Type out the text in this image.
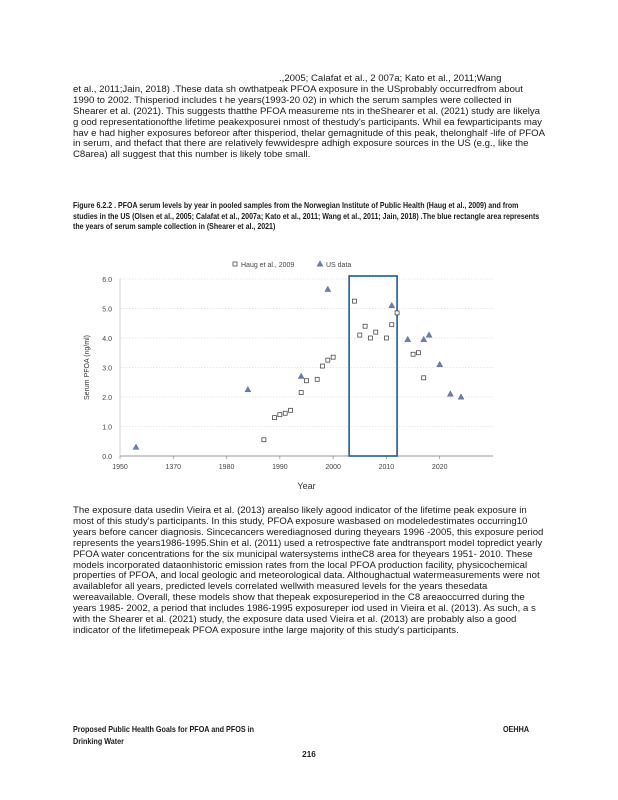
.,2005; Calafat et al., 2 007a; Kato et al., 2011;Wang
et al., 2011;Jain, 2018) .These data sh owthatpeak PFOA exposure in the USprobably occurredfrom about 1990 to 2002. Thisperiod includes t he years(1993-20 02) in which the serum samples were collected in Shearer et al. (2021). This suggests thatthe PFOA measureme nts in theShearer et al. (2021) study are likelya g ood representationofthe lifetime peakexposurei nmost of thestudy's participants. Whil ea fewparticipants may hav e had higher exposures beforeor after thisperiod, thelar gemagnitude of this peak, thelonghalf -life of PFOA in serum, and thefact that there are relatively fewwidespre adhigh exposure sources in the US (e.g., like the C8area) all suggest that this number is likely tobe small.
Figure 6.2.2 . PFOA serum levels by year in pooled samples from the Norwegian Institute of Public Health (Haug et al., 2009) and from studies in the US (Olsen et al., 2005; Calafat et al., 2007a; Kato et al., 2011; Wang et al., 2011; Jain, 2018) .The blue rectangle area represents the years of serum sample collection in (Shearer et al., 2021)
Haug et al., 2009	US data
0.0
1.0
2.0
3.0
4.0
5.0
6.0
1950	1370	1980	1990	2000	2010	2020
Year
Serum PFOA (ng/ml)
The exposure data usedin Vieira et al. (2013) arealso likely agood indicator of the lifetime peak exposure in most of this study's participants. In this study, PFOA exposure wasbased on modeledestimates occurring10 years before cancer diagnosis. Sincecancers werediagnosed during theyears 1996 -2005, this exposure period represents the years1986-1995.Shin et al. (2011) used a retrospective fate andtransport model topredict yearly PFOA water concentrations for the six municipal watersystems intheC8 area for theyears 1951- 2010. These models incorporated dataonhistoric emission rates from the local PFOA production facility, physicochemical properties of PFOA, and local geologic and meteorological data. Althoughactual watermeasurements were not availablefor all years, predicted levels correlated wellwith measured levels for the years thesedata wereavailable. Overall, these models show that thepeak exposureperiod in the C8 areaoccurred during the years 1985- 2002, a period that includes 1986-1995 exposureper iod used in Vieira et al. (2013). As such, a s with the Shearer et al. (2021) study, the exposure data used Vieira et al. (2013) are probably also a good indicator of the lifetimepeak PFOA exposure inthe large majority of this study's participants.
Proposed Public Health Goals for PFOA and PFOS in Drinking Water
OEHHA
216
